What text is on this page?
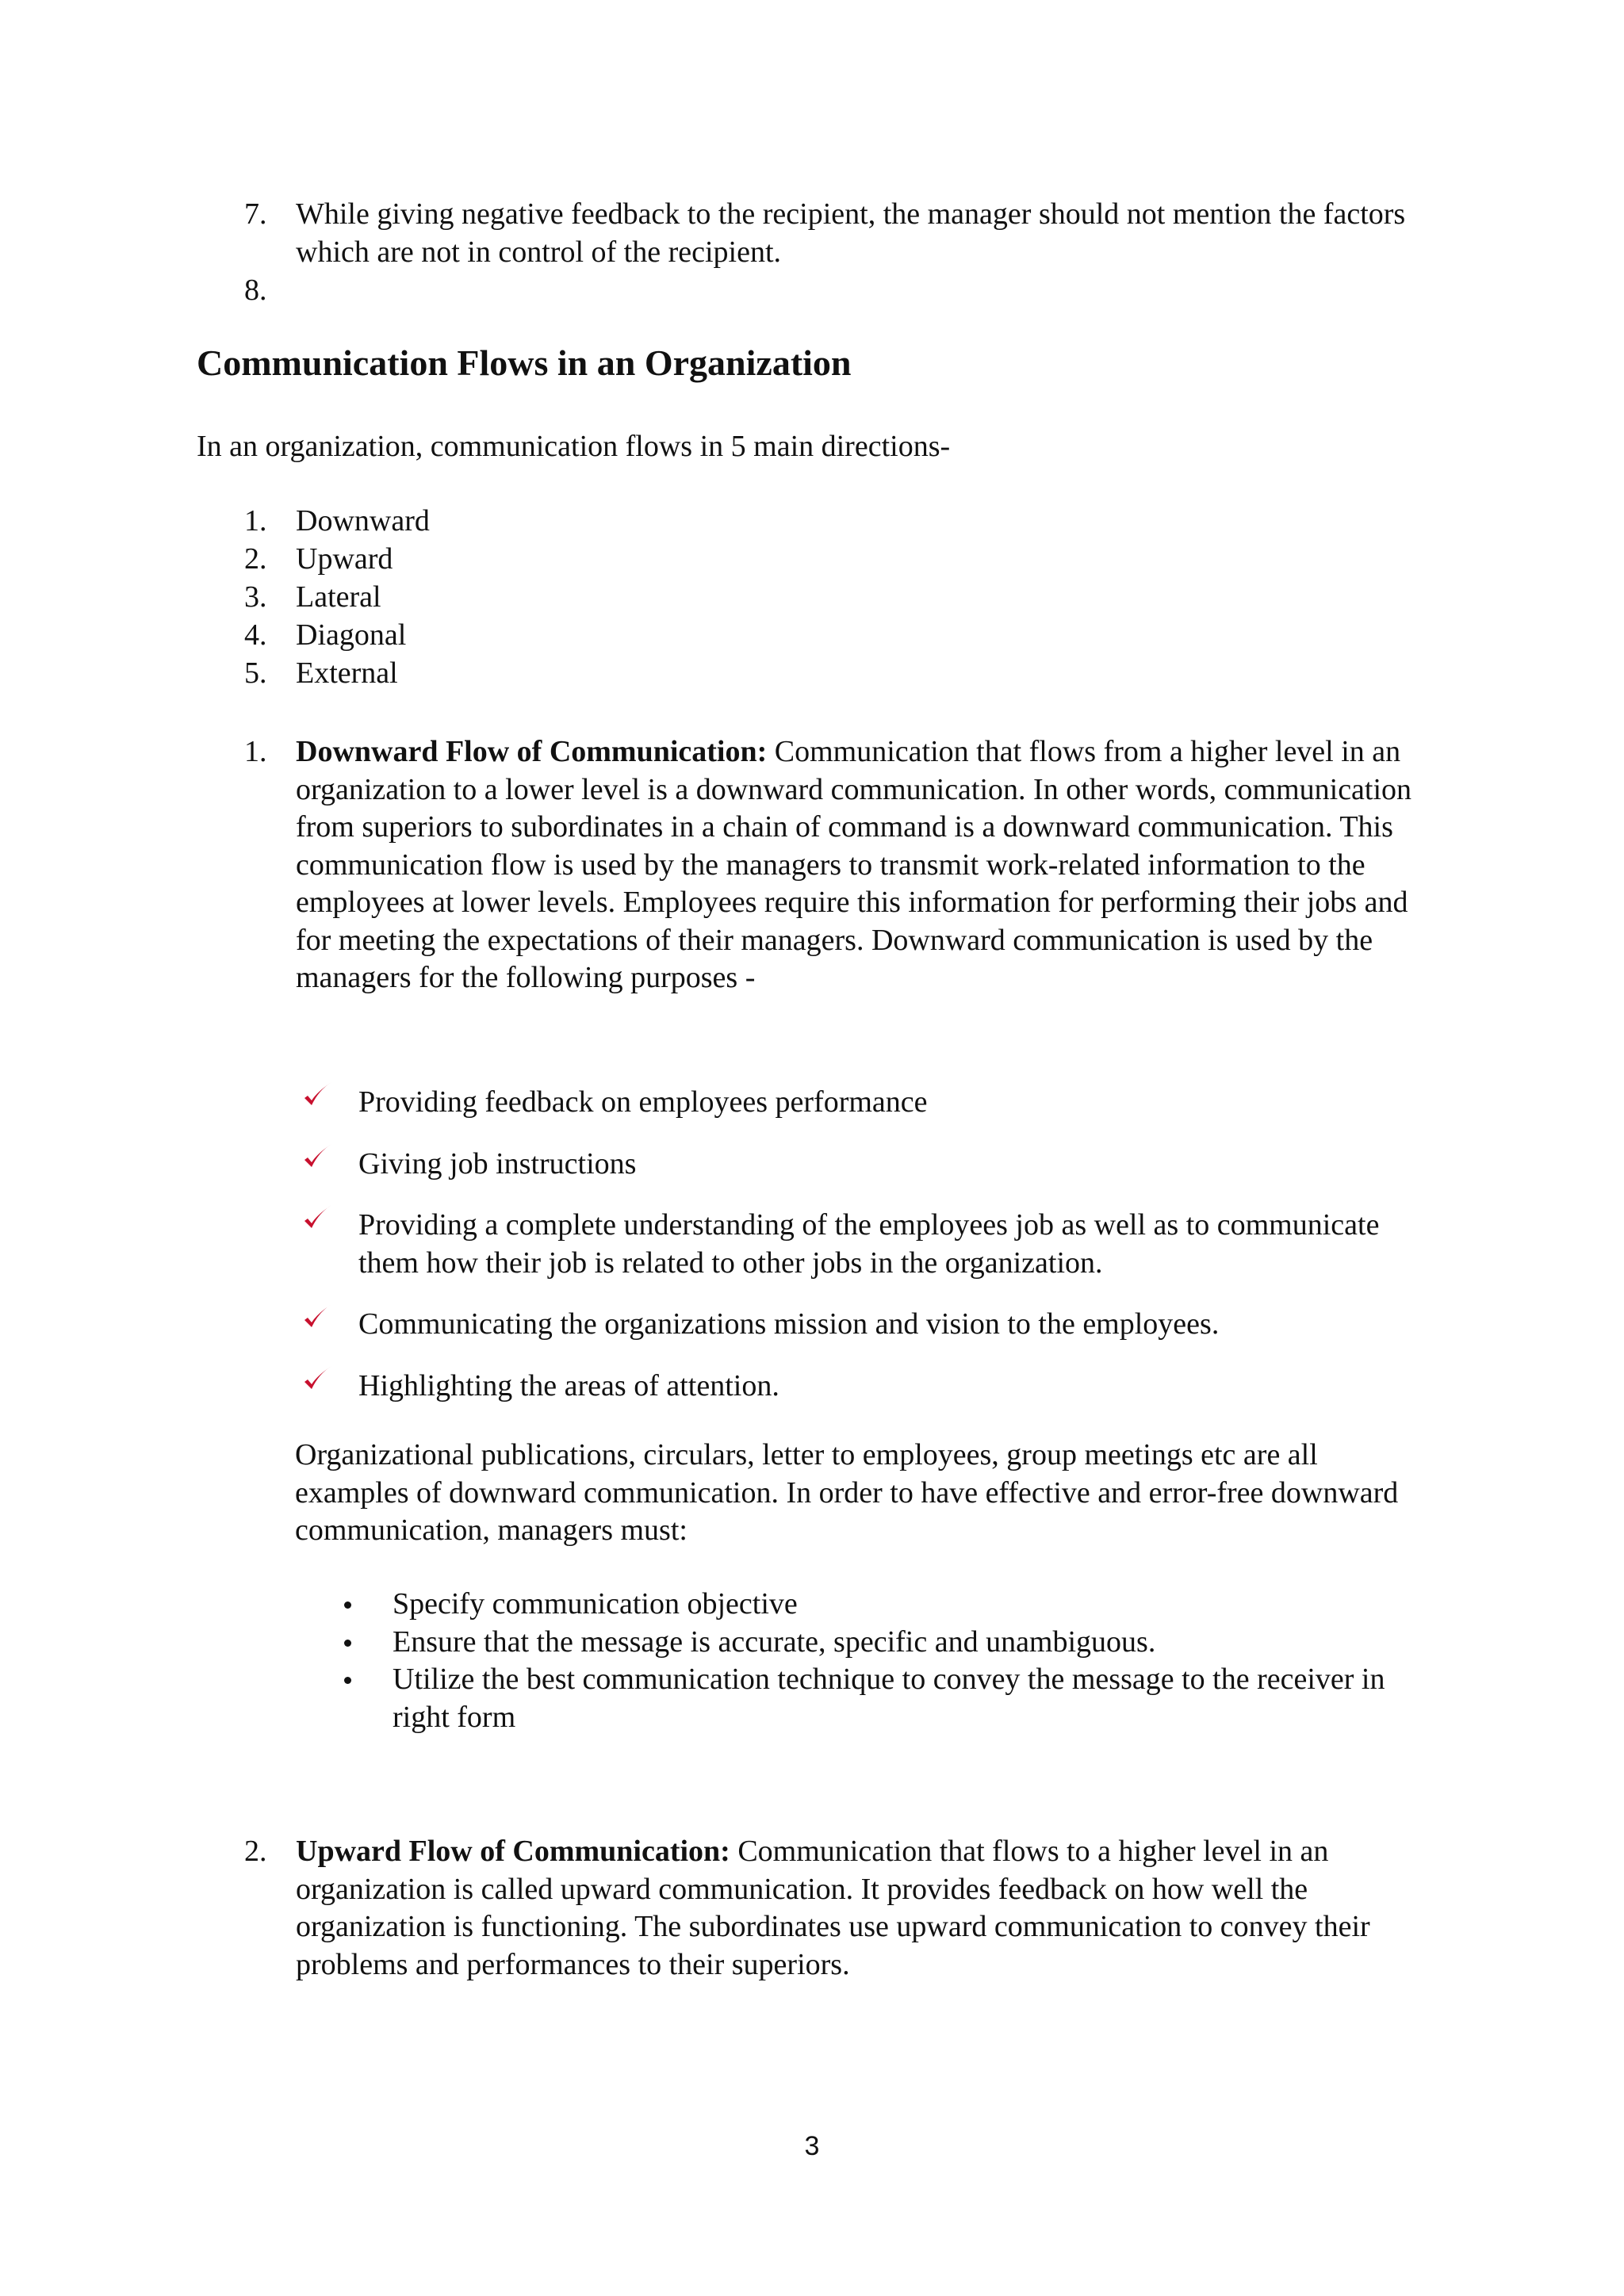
7. While giving negative feedback to the recipient, the manager should not mention the factors which are not in control of the recipient.
8.
Communication Flows in an Organization
In an organization, communication flows in 5 main directions-
1. Downward
2. Upward
3. Lateral
4. Diagonal
5. External
1. Downward Flow of Communication: Communication that flows from a higher level in an organization to a lower level is a downward communication. In other words, communication from superiors to subordinates in a chain of command is a downward communication. This communication flow is used by the managers to transmit work-related information to the employees at lower levels. Employees require this information for performing their jobs and for meeting the expectations of their managers. Downward communication is used by the managers for the following purposes -
Providing feedback on employees performance
Giving job instructions
Providing a complete understanding of the employees job as well as to communicate them how their job is related to other jobs in the organization.
Communicating the organizations mission and vision to the employees.
Highlighting the areas of attention.
Organizational publications, circulars, letter to employees, group meetings etc are all examples of downward communication. In order to have effective and error-free downward communication, managers must:
Specify communication objective
Ensure that the message is accurate, specific and unambiguous.
Utilize the best communication technique to convey the message to the receiver in right form
2. Upward Flow of Communication: Communication that flows to a higher level in an organization is called upward communication. It provides feedback on how well the organization is functioning. The subordinates use upward communication to convey their problems and performances to their superiors.
3
